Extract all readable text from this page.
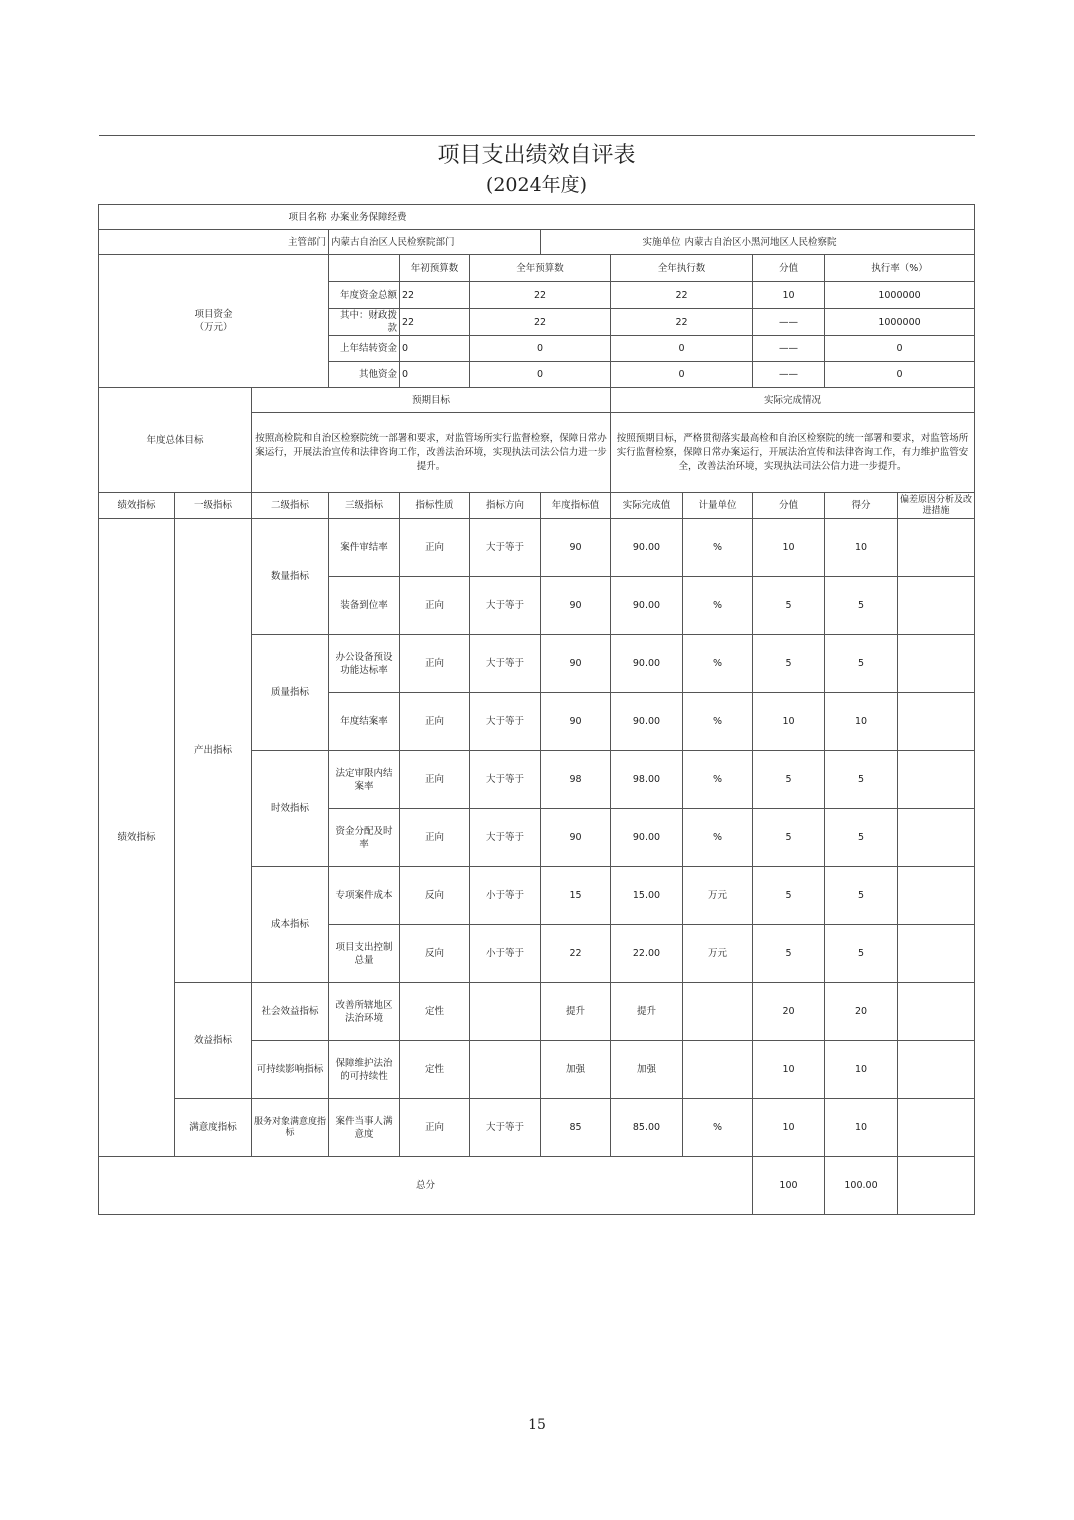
项目支出绩效自评表
(2024年度)												

项目名称			办案业务保障经费									
主管部门			内蒙古自治区人民检察院部门			实施单位		内蒙古自治区小黑河地区人民检察院				
项目资金
（万元）				年初预算数	全年预算数		全年执行数		分值	执行率（%）	
			年度资金总额	22	22		22		10	1000000	
			其中：财政拨款	22	22		22		——	1000000	
			上年结转资金	0	0		0		——	0	
			其他资金	0	0		0		——	0	
年度总体目标		预期目标					实际完成情况					
		按照高检院和自治区检察院统一部署和要求，对监管场所实行监督检察，保障日常办案运行，开展法治宣传和法律咨询工作，改善法治环境，实现执法司法公信力进一步提升。					按照预期目标，严格贯彻落实最高检和自治区检察院的统一部署和要求，对监管场所实行监督检察，保障日常办案运行，开展法治宣传和法律咨询工作，有力维护监管安全，改善法治环境，实现执法司法公信力进一步提升。					
绩效指标	一级指标	二级指标	三级指标	指标性质	指标方向	年度指标值	实际完成值	计量单位	分值	得分	偏差原因分析及改进措施	
绩效指标	产出指标	数量指标	案件审结率	正向	大于等于	90	90.00	%	10	10		
			装备到位率	正向	大于等于	90	90.00	%	5	5		
		质量指标	办公设备预设功能达标率	正向	大于等于	90	90.00	%	5	5		
			年度结案率	正向	大于等于	90	90.00	%	10	10		
		时效指标	法定审限内结案率	正向	大于等于	98	98.00	%	5	5		
			资金分配及时率	正向	大于等于	90	90.00	%	5	5		
		成本指标	专项案件成本	反向	小于等于	15	15.00	万元	5	5		
			项目支出控制总量	反向	小于等于	22	22.00	万元	5	5		
	效益指标	社会效益指标	改善所辖地区法治环境	定性		提升	提升		20	20		
		可持续影响指标	保障维护法治的可持续性	定性		加强	加强		10	10		
	满意度指标	服务对象满意度指标	案件当事人满意度	正向	大于等于	85	85.00	%	10	10		
总分									100	100.00		
15
